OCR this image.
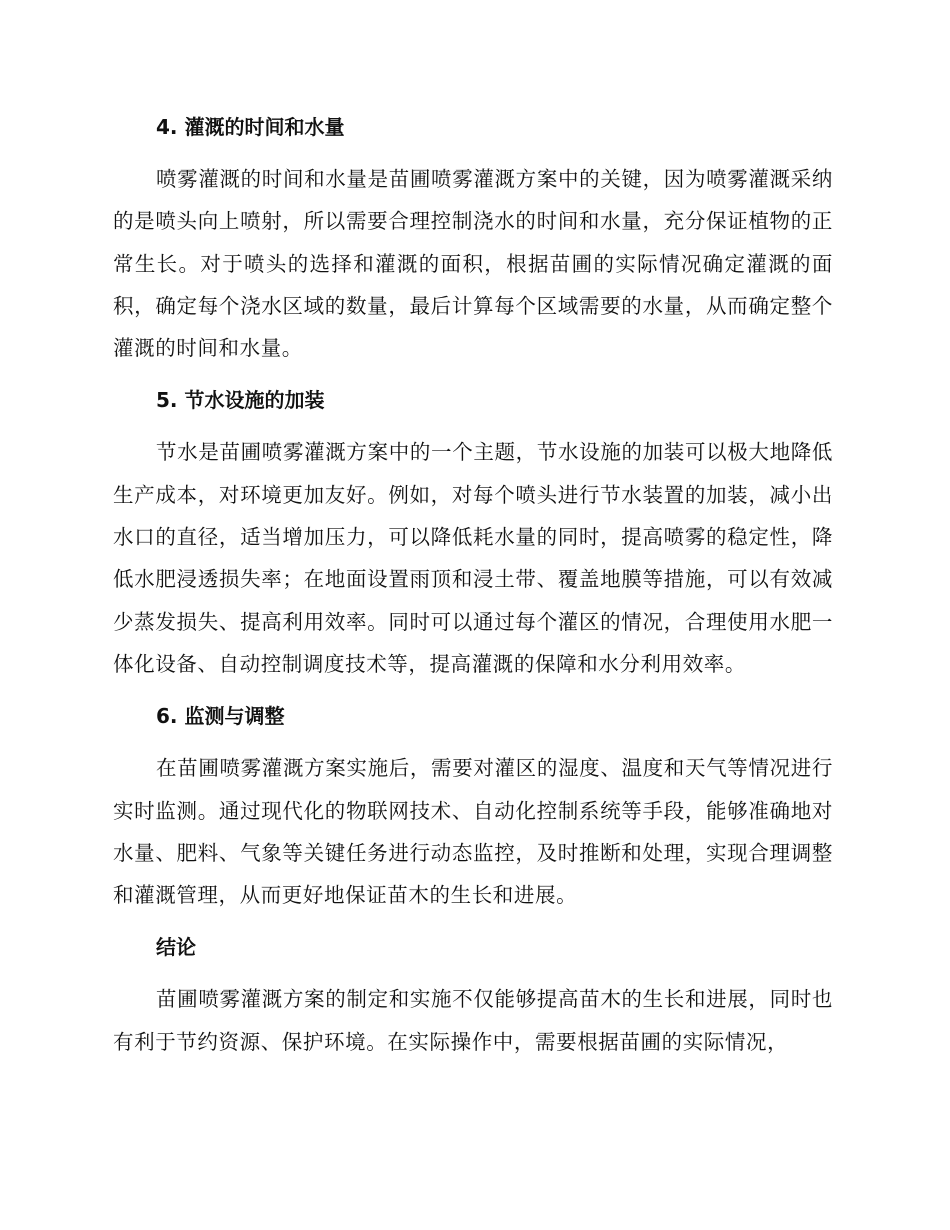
4. 灌溉的时间和水量

喷雾灌溉的时间和水量是苗圃喷雾灌溉方案中的关键，因为喷雾灌溉采纳的是喷头向上喷射，所以需要合理控制浇水的时间和水量，充分保证植物的正常生长。对于喷头的选择和灌溉的面积，根据苗圃的实际情况确定灌溉的面积，确定每个浇水区域的数量，最后计算每个区域需要的水量，从而确定整个灌溉的时间和水量。

5. 节水设施的加装

节水是苗圃喷雾灌溉方案中的一个主题，节水设施的加装可以极大地降低生产成本，对环境更加友好。例如，对每个喷头进行节水装置的加装，减小出水口的直径，适当增加压力，可以降低耗水量的同时，提高喷雾的稳定性，降低水肥浸透损失率；在地面设置雨顶和浸土带、覆盖地膜等措施，可以有效减少蒸发损失、提高利用效率。同时可以通过每个灌区的情况，合理使用水肥一体化设备、自动控制调度技术等，提高灌溉的保障和水分利用效率。

6. 监测与调整

在苗圃喷雾灌溉方案实施后，需要对灌区的湿度、温度和天气等情况进行实时监测。通过现代化的物联网技术、自动化控制系统等手段，能够准确地对水量、肥料、气象等关键任务进行动态监控，及时推断和处理，实现合理调整和灌溉管理，从而更好地保证苗木的生长和进展。

结论

苗圃喷雾灌溉方案的制定和实施不仅能够提高苗木的生长和进展，同时也有利于节约资源、保护环境。在实际操作中，需要根据苗圃的实际情况，
